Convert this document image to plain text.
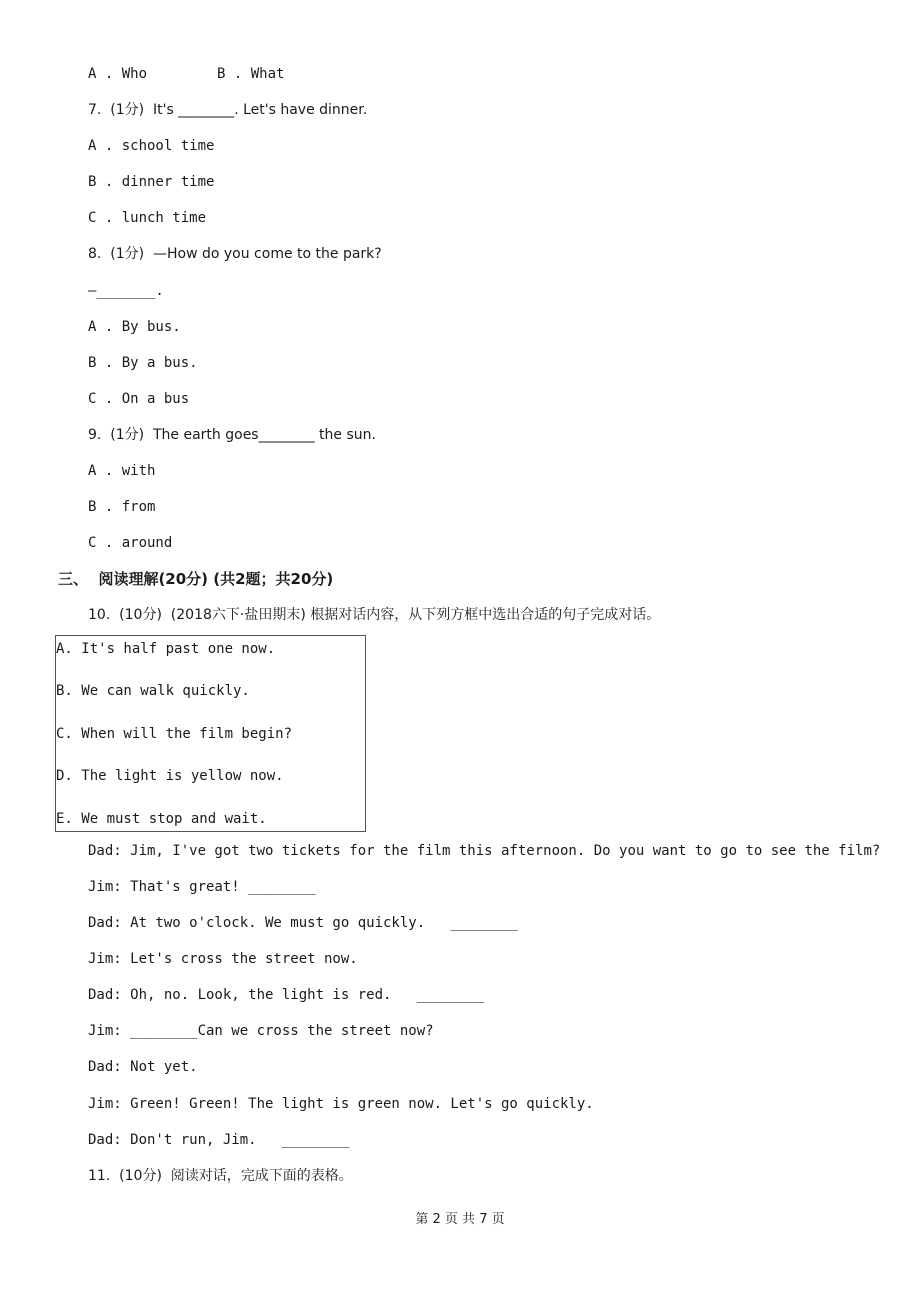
A . Who	B . What
7.  (1分)  It's ________. Let's have dinner.
A . school time
B . dinner time
C . lunch time
8.  (1分)  —How do you come to the park?
—_______.
A . By bus.
B . By a bus.
C . On a bus
9.  (1分)  The earth goes________ the sun.
A . with
B . from
C . around
三、  阅读理解(20分) (共2题；共20分)
10.  (10分)  (2018六下·盐田期末) 根据对话内容，从下列方框中选出合适的句子完成对话。
A. It's half past one now.
B. We can walk quickly.
C. When will the film begin?
D. The light is yellow now.
E. We must stop and wait.
Dad: Jim, I've got two tickets for the film this afternoon. Do you want to go to see the film?
Jim: That's great! ________
Dad: At two o'clock. We must go quickly.   ________
Jim: Let's cross the street now.
Dad: Oh, no. Look, the light is red.   ________
Jim: ________Can we cross the street now?
Dad: Not yet.
Jim: Green! Green! The light is green now. Let's go quickly.
Dad: Don't run, Jim.   ________
11.  (10分)  阅读对话，完成下面的表格。
第 2 页 共 7 页
